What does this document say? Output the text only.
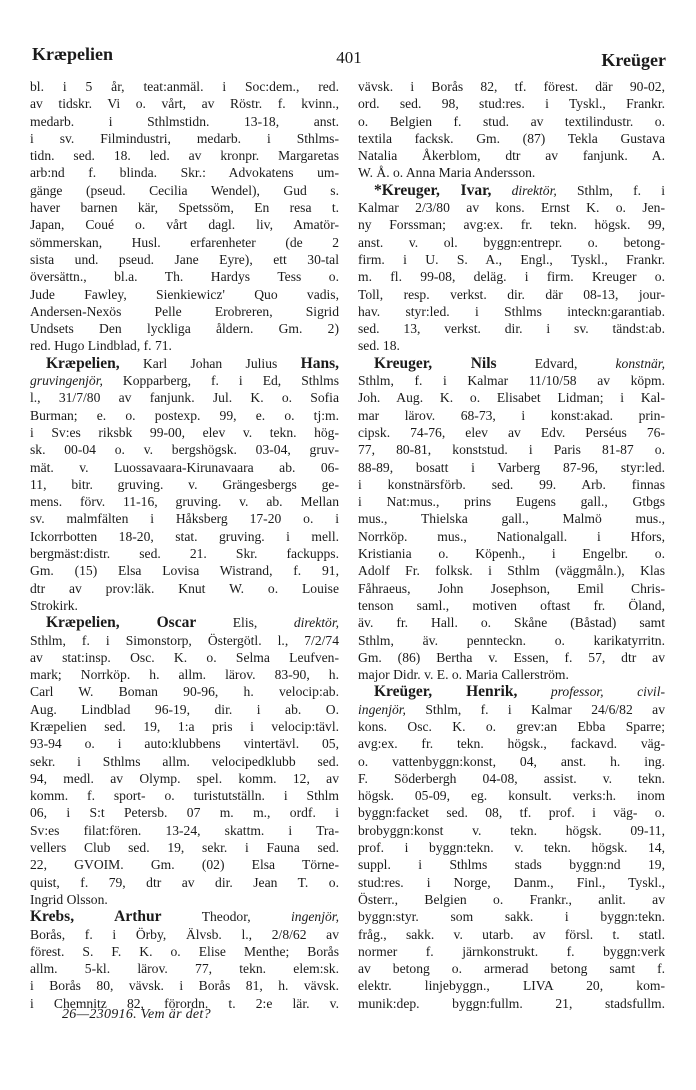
Kræpelien	401	Kreüger
bl. i 5 år, teat:anmäl. i Soc:dem., red.
av tidskr. Vi o. vårt, av Röstr. f. kvinn.,
medarb. i Sthlmstidn. 13-18, anst.
i sv. Filmindustri, medarb. i Sthlms-
tidn. sed. 18. led. av kronpr. Margaretas
arb:nd f. blinda. Skr.: Advokatens um-
gänge (pseud. Cecilia Wendel), Gud s.
haver barnen kär, Spetssöm, En resa t.
Japan, Coué o. vårt dagl. liv, Amatör-
sömmerskan, Husl. erfarenheter (de 2
sista und. pseud. Jane Eyre), ett 30-tal
översättn., bl.a. Th. Hardys Tess o.
Jude Fawley, Sienkiewicz' Quo vadis,
Andersen-Nexös Pelle Erobreren, Sigrid
Undsets Den lyckliga åldern. Gm. 2)
red. Hugo Lindblad, f. 71.
Kræpelien, Karl Johan Julius Hans,
gruvingenjör, Kopparberg, f. i Ed, Sthlms
l., 31/7/80 av fanjunk. Jul. K. o. Sofia
Burman; e. o. postexp. 99, e. o. tj:m.
i Sv:es riksbk 99-00, elev v. tekn. hög-
sk. 00-04 o. v. bergshögsk. 03-04, gruv-
mät. v. Luossavaara-Kirunavaara ab. 06-
11, bitr. gruving. v. Grängesbergs ge-
mens. förv. 11-16, gruving. v. ab. Mellan
sv. malmfälten i Håksberg 17-20 o. i
Ickorrbotten 18-20, stat. gruving. i mell.
bergmäst:distr. sed. 21. Skr. fackupps.
Gm. (15) Elsa Lovisa Wistrand, f. 91,
dtr av prov:läk. Knut W. o. Louise
Strokirk.
Kræpelien, Oscar	Elis,	direktör,
Sthlm, f. i Simonstorp, Östergötl. l., 7/2/74
av stat:insp. Osc. K. o. Selma Leufven-
mark; Norrköp. h. allm. lärov. 83-90, h.
Carl W. Boman 90-96, h. velocip:ab.
Aug. Lindblad 96-19, dir. i ab. O.
Kræpelien sed. 19, 1:a pris i velocip:tävl.
93-94 o. i auto:klubbens vintertävl. 05,
sekr. i Sthlms allm. velocipedklubb sed.
94, medl. av Olymp. spel. komm. 12, av
komm. f. sport- o. turistutställn. i Sthlm
06, i S:t Petersb. 07 m. m., ordf. i
Sv:es filat:fören. 13-24, skattm. i Tra-
vellers Club sed. 19, sekr. i Fauna sed.
22, GVOIM. Gm. (02) Elsa Törne-
quist, f. 79, dtr av dir. Jean T. o.
Ingrid Olsson.
Krebs, Arthur	Theodor,	ingenjör,
Borås, f. i Örby, Älvsb. l., 2/8/62 av
förest. S. F. K. o. Elise Menthe; Borås
allm. 5-kl. lärov. 77, tekn. elem:sk.
i Borås 80, vävsk. i Borås 81, h. vävsk.
i Chemnitz 82, förordn. t. 2:e lär. v.
vävsk. i Borås 82, tf. förest. där 90-02,
ord. sed. 98, stud:res. i Tyskl., Frankr.
o. Belgien f. stud. av textilindustr. o.
textila facksk. Gm. (87) Tekla Gustava
Natalia Åkerblom, dtr av fanjunk. A.
W. Å. o. Anna Maria Andersson.
*Kreuger, Ivar, direktör, Sthlm, f. i
Kalmar 2/3/80 av kons. Ernst K. o. Jen-
ny Forssman; avg:ex. fr. tekn. högsk. 99,
anst. v. ol. byggn:entrepr. o. betong-
firm. i U. S. A., Engl., Tyskl., Frankr.
m. fl. 99-08, deläg. i firm. Kreuger o.
Toll, resp. verkst. dir. där 08-13, jour-
hav. styr:led. i Sthlms inteckn:garantiab.
sed. 13, verkst. dir. i sv. tändst:ab.
sed. 18.
Kreuger, Nils	Edvard,	konstnär,
Sthlm, f. i Kalmar 11/10/58 av köpm.
Joh. Aug. K. o. Elisabet Lidman; i Kal-
mar lärov. 68-73, i konst:akad. prin-
cipsk. 74-76, elev av Edv. Perséus 76-
77, 80-81, konststud. i Paris 81-87 o.
88-89, bosatt i Varberg 87-96, styr:led.
i konstnärsförb. sed. 99. Arb. finnas
i Nat:mus., prins Eugens gall., Gtbgs
mus., Thielska gall., Malmö mus.,
Norrköp. mus., Nationalgall. i Hfors,
Kristiania o. Köpenh., i Engelbr. o.
Adolf Fr. folksk. i Sthlm (väggmåln.), Klas
Fåhraeus, John Josephson, Emil Chris-
tenson saml., motiven oftast fr. Öland,
äv. fr. Hall. o. Skåne (Båstad) samt
Sthlm, äv. pennteckn. o. karikatyrritn.
Gm. (86) Bertha v. Essen, f. 57, dtr av
major Didr. v. E. o. Maria Callerström.
Kreüger, Henrik, professor, civil-
ingenjör, Sthlm, f. i Kalmar 24/6/82 av
kons. Osc. K. o. grev:an Ebba Sparre;
avg:ex. fr. tekn. högsk., fackavd. väg-
o. vattenbyggn:konst, 04, anst. h. ing.
F. Söderbergh 04-08, assist. v. tekn.
högsk. 05-09, eg. konsult. verks:h. inom
byggn:facket sed. 08, tf. prof. i väg- o.
brobyggn:konst v. tekn. högsk. 09-11,
prof. i byggn:tekn. v. tekn. högsk. 14,
suppl. i Sthlms stads byggn:nd 19,
stud:res. i Norge, Danm., Finl., Tyskl.,
Österr., Belgien o. Frankr., anlit. av
byggn:styr. som sakk. i byggn:tekn.
fråg., sakk. v. utarb. av försl. t. statl.
normer f. järnkonstrukt. f. byggn:verk
av betong o. armerad betong samt f.
elektr. linjebyggn., LIVA 20, kom-
munik:dep. byggn:fullm. 21, stadsfullm.
26—230916. Vem är det?
